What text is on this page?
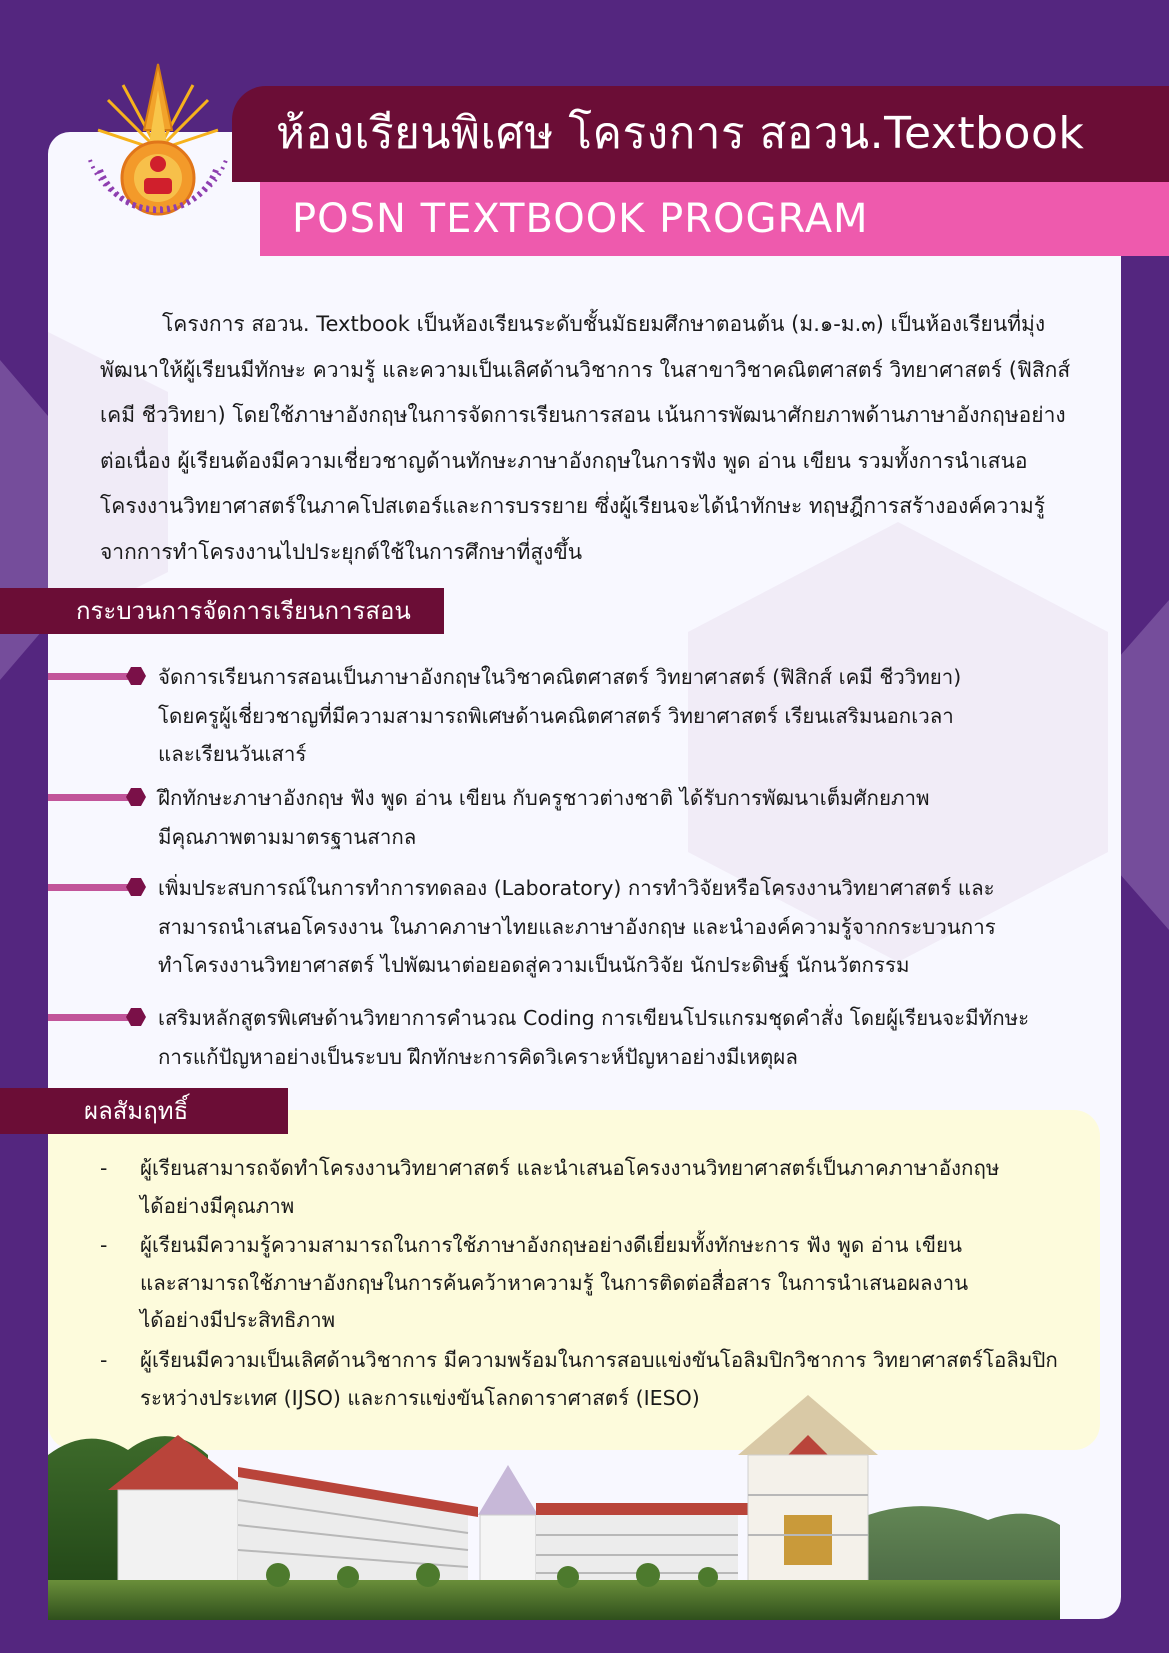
ห้องเรียนพิเศษ โครงการ สอวน.Textbook
POSN TEXTBOOK PROGRAM

โครงการ สอวน. Textbook เป็นห้องเรียนระดับชั้นมัธยมศึกษาตอนต้น (ม.๑-ม.๓) เป็นห้องเรียนที่มุ่ง
พัฒนาให้ผู้เรียนมีทักษะ ความรู้ และความเป็นเลิศด้านวิชาการ ในสาขาวิชาคณิตศาสตร์ วิทยาศาสตร์ (ฟิสิกส์
เคมี ชีววิทยา) โดยใช้ภาษาอังกฤษในการจัดการเรียนการสอน เน้นการพัฒนาศักยภาพด้านภาษาอังกฤษอย่าง
ต่อเนื่อง ผู้เรียนต้องมีความเชี่ยวชาญด้านทักษะภาษาอังกฤษในการฟัง พูด อ่าน เขียน รวมทั้งการนำเสนอ
โครงงานวิทยาศาสตร์ในภาคโปสเตอร์และการบรรยาย ซึ่งผู้เรียนจะได้นำทักษะ ทฤษฎีการสร้างองค์ความรู้
จากการทำโครงงานไปประยุกต์ใช้ในการศึกษาที่สูงขึ้น

กระบวนการจัดการเรียนการสอน
จัดการเรียนการสอนเป็นภาษาอังกฤษในวิชาคณิตศาสตร์ วิทยาศาสตร์ (ฟิสิกส์ เคมี ชีววิทยา)
โดยครูผู้เชี่ยวชาญที่มีความสามารถพิเศษด้านคณิตศาสตร์ วิทยาศาสตร์ เรียนเสริมนอกเวลา
และเรียนวันเสาร์
ฝึกทักษะภาษาอังกฤษ ฟัง พูด อ่าน เขียน กับครูชาวต่างชาติ ได้รับการพัฒนาเต็มศักยภาพ
มีคุณภาพตามมาตรฐานสากล
เพิ่มประสบการณ์ในการทำการทดลอง (Laboratory) การทำวิจัยหรือโครงงานวิทยาศาสตร์ และ
สามารถนำเสนอโครงงาน ในภาคภาษาไทยและภาษาอังกฤษ และนำองค์ความรู้จากกระบวนการ
ทำโครงงานวิทยาศาสตร์ ไปพัฒนาต่อยอดสู่ความเป็นนักวิจัย นักประดิษฐ์ นักนวัตกรรม
เสริมหลักสูตรพิเศษด้านวิทยาการคำนวณ Coding การเขียนโปรแกรมชุดคำสั่ง โดยผู้เรียนจะมีทักษะ
การแก้ปัญหาอย่างเป็นระบบ ฝึกทักษะการคิดวิเคราะห์ปัญหาอย่างมีเหตุผล
ผลสัมฤทธิ์
- ผู้เรียนสามารถจัดทำโครงงานวิทยาศาสตร์ และนำเสนอโครงงานวิทยาศาสตร์เป็นภาคภาษาอังกฤษ
ได้อย่างมีคุณภาพ
- ผู้เรียนมีความรู้ความสามารถในการใช้ภาษาอังกฤษอย่างดีเยี่ยมทั้งทักษะการ ฟัง พูด อ่าน เขียน
และสามารถใช้ภาษาอังกฤษในการค้นคว้าหาความรู้ ในการติดต่อสื่อสาร ในการนำเสนอผลงาน
ได้อย่างมีประสิทธิภาพ
- ผู้เรียนมีความเป็นเลิศด้านวิชาการ มีความพร้อมในการสอบแข่งขันโอลิมปิกวิชาการ วิทยาศาสตร์โอลิมปิก
ระหว่างประเทศ (IJSO) และการแข่งขันโลกดาราศาสตร์ (IESO)
